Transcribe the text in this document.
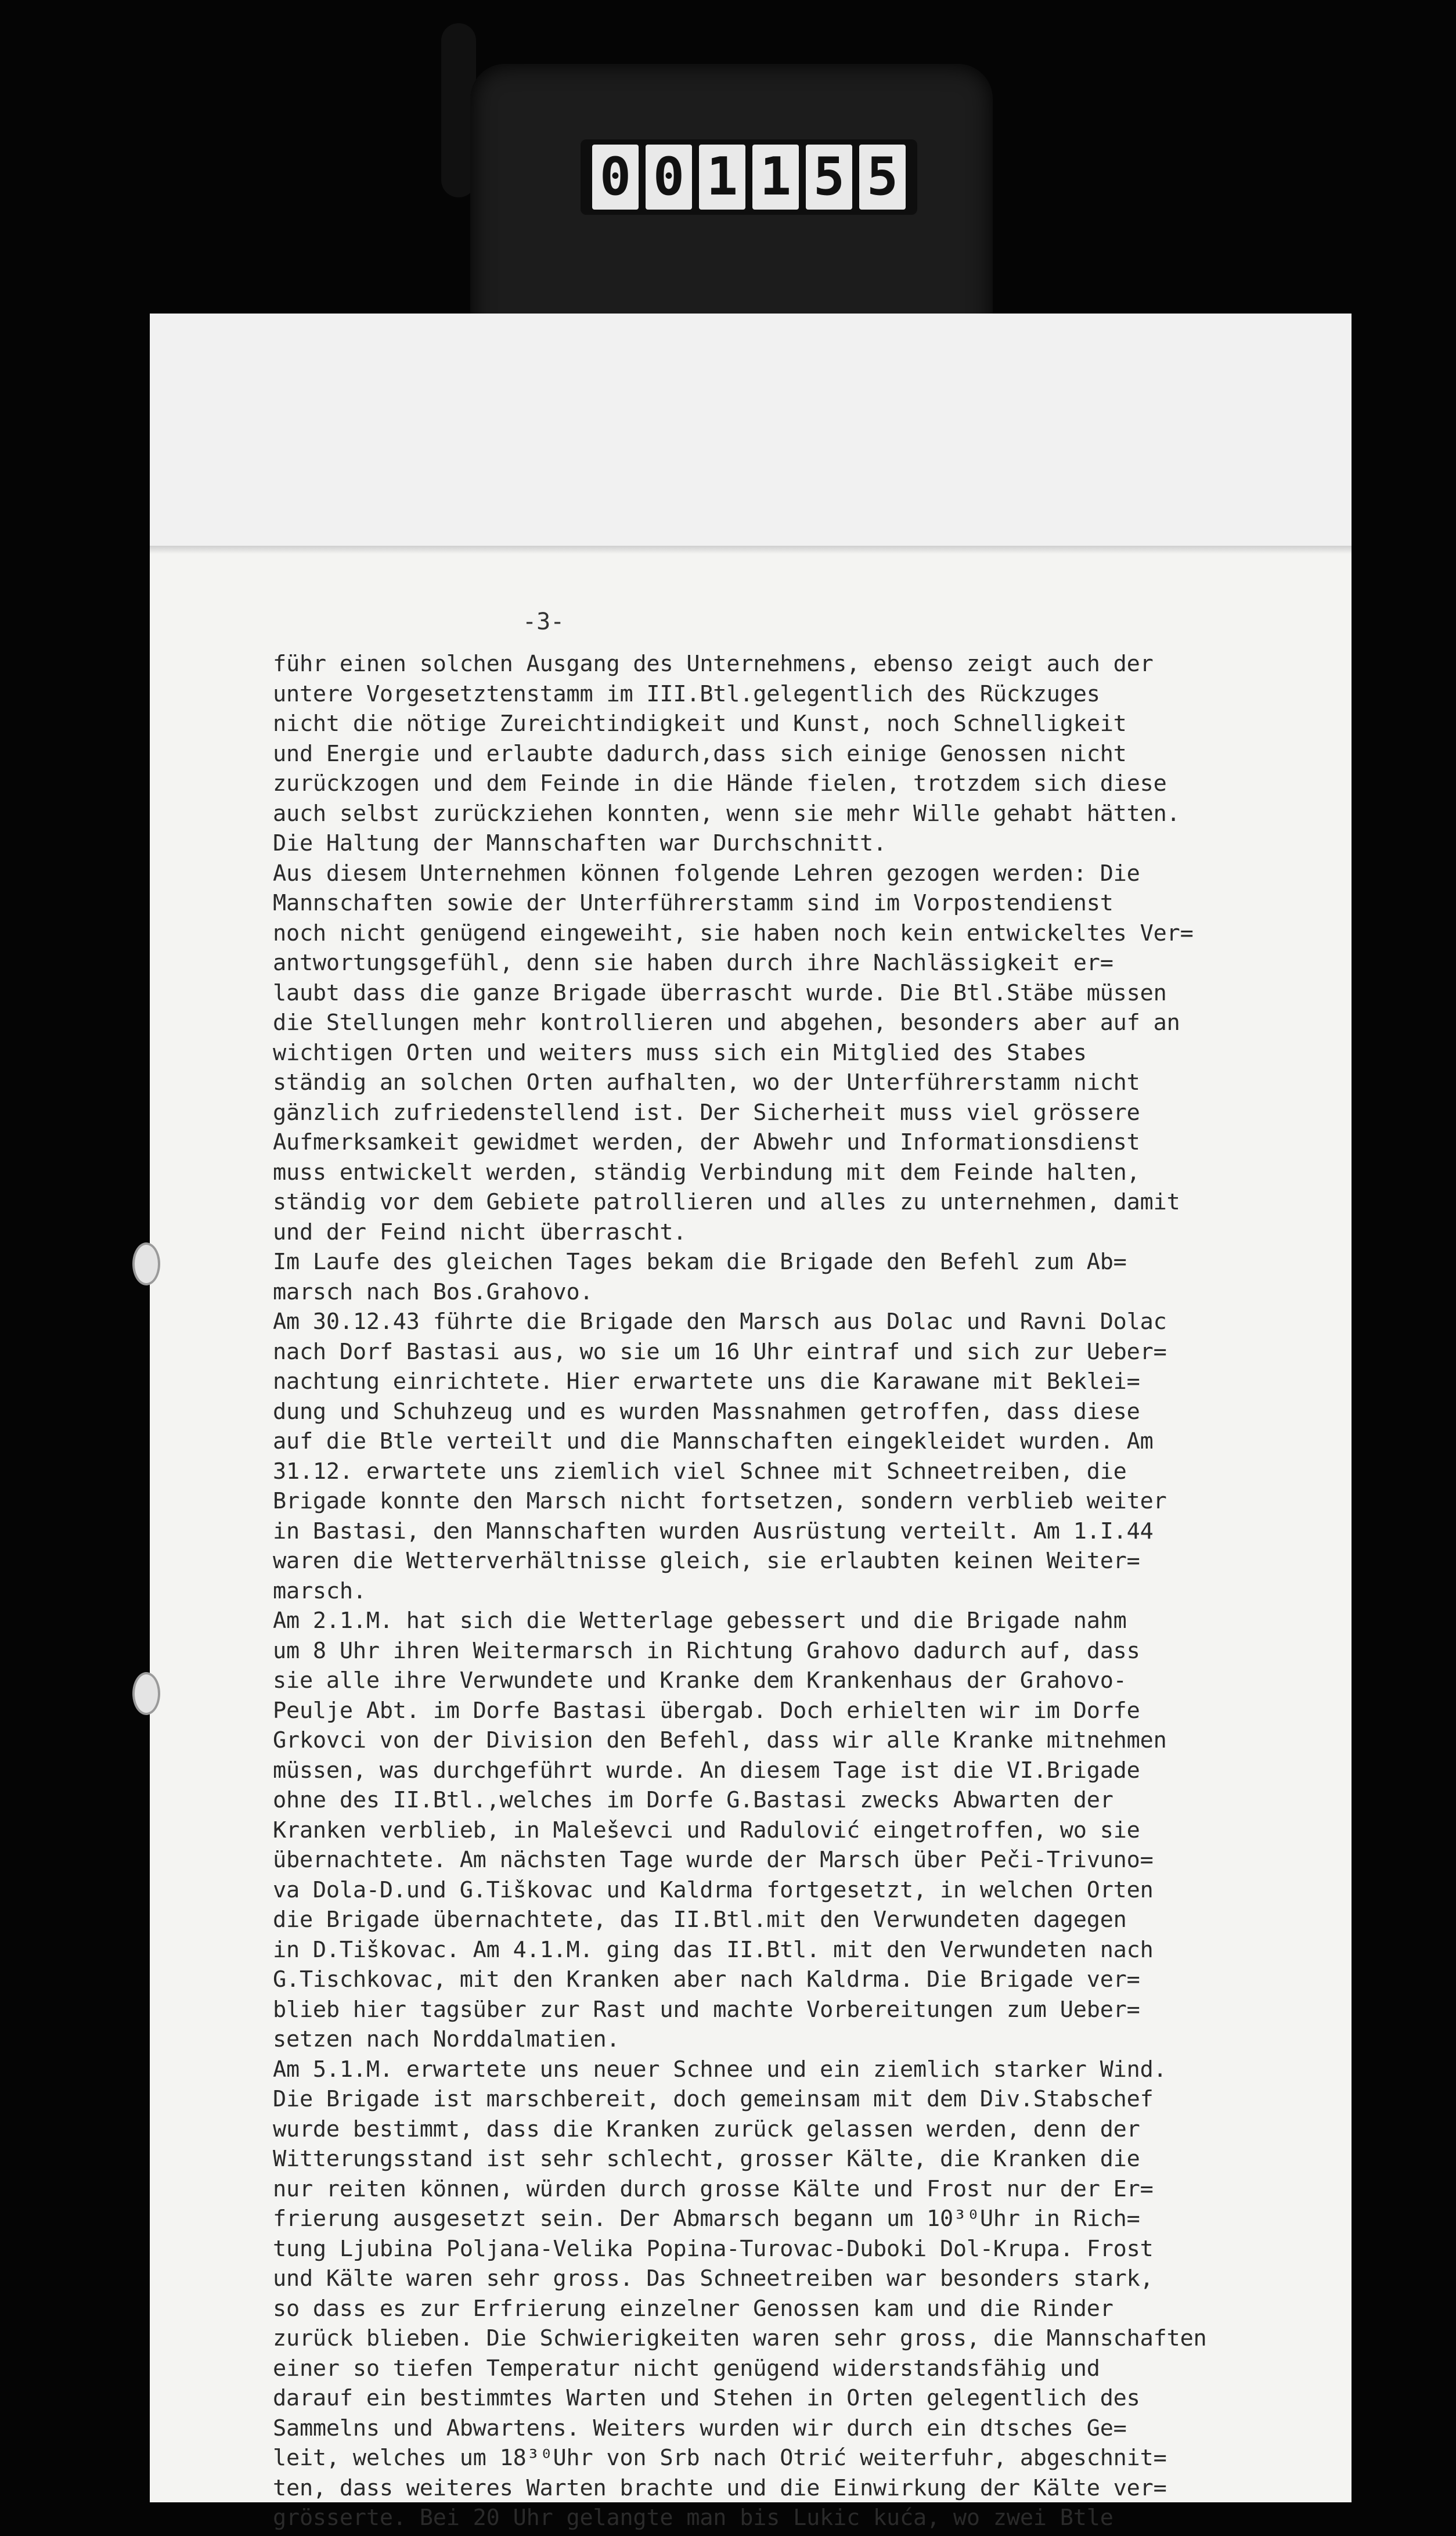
0 0 1 1 5 5
-3-
führ einen solchen Ausgang des Unternehmens, ebenso zeigt auch der
untere Vorgesetztenstamm im III.Btl.gelegentlich des Rückzuges
nicht die nötige Zureichtindigkeit und Kunst, noch Schnelligkeit
und Energie und erlaubte dadurch,dass sich einige Genossen nicht
zurückzogen und dem Feinde in die Hände fielen, trotzdem sich diese
auch selbst zurückziehen konnten, wenn sie mehr Wille gehabt hätten.
Die Haltung der Mannschaften war Durchschnitt.
Aus diesem Unternehmen können folgende Lehren gezogen werden: Die
Mannschaften sowie der Unterführerstamm sind im Vorpostendienst
noch nicht genügend eingeweiht, sie haben noch kein entwickeltes Ver=
antwortungsgefühl, denn sie haben durch ihre Nachlässigkeit er=
laubt dass die ganze Brigade überrascht wurde. Die Btl.Stäbe müssen
die Stellungen mehr kontrollieren und abgehen, besonders aber auf an
wichtigen Orten und weiters muss sich ein Mitglied des Stabes
ständig an solchen Orten aufhalten, wo der Unterführerstamm nicht
gänzlich zufriedenstellend ist. Der Sicherheit muss viel grössere
Aufmerksamkeit gewidmet werden, der Abwehr und Informationsdienst
muss entwickelt werden, ständig Verbindung mit dem Feinde halten,
ständig vor dem Gebiete patrollieren und alles zu unternehmen, damit
und der Feind nicht überrascht.
Im Laufe des gleichen Tages bekam die Brigade den Befehl zum Ab=
marsch nach Bos.Grahovo.
Am 30.12.43 führte die Brigade den Marsch aus Dolac und Ravni Dolac
nach Dorf Bastasi aus, wo sie um 16 Uhr eintraf und sich zur Ueber=
nachtung einrichtete. Hier erwartete uns die Karawane mit Beklei=
dung und Schuhzeug und es wurden Massnahmen getroffen, dass diese
auf die Btle verteilt und die Mannschaften eingekleidet wurden. Am
31.12. erwartete uns ziemlich viel Schnee mit Schneetreiben, die
Brigade konnte den Marsch nicht fortsetzen, sondern verblieb weiter
in Bastasi, den Mannschaften wurden Ausrüstung verteilt. Am 1.I.44
waren die Wetterverhältnisse gleich, sie erlaubten keinen Weiter=
marsch.
Am 2.1.M. hat sich die Wetterlage gebessert und die Brigade nahm
um 8 Uhr ihren Weitermarsch in Richtung Grahovo dadurch auf, dass
sie alle ihre Verwundete und Kranke dem Krankenhaus der Grahovo-
Peulje Abt. im Dorfe Bastasi übergab. Doch erhielten wir im Dorfe
Grkovci von der Division den Befehl, dass wir alle Kranke mitnehmen
müssen, was durchgeführt wurde. An diesem Tage ist die VI.Brigade
ohne des II.Btl.,welches im Dorfe G.Bastasi zwecks Abwarten der
Kranken verblieb, in Maleševci und Radulović eingetroffen, wo sie
übernachtete. Am nächsten Tage wurde der Marsch über Peči-Trivuno=
va Dola-D.und G.Tiškovac und Kaldrma fortgesetzt, in welchen Orten
die Brigade übernachtete, das II.Btl.mit den Verwundeten dagegen
in D.Tiškovac. Am 4.1.M. ging das II.Btl. mit den Verwundeten nach
G.Tischkovac, mit den Kranken aber nach Kaldrma. Die Brigade ver=
blieb hier tagsüber zur Rast und machte Vorbereitungen zum Ueber=
setzen nach Norddalmatien.
Am 5.1.M. erwartete uns neuer Schnee und ein ziemlich starker Wind.
Die Brigade ist marschbereit, doch gemeinsam mit dem Div.Stabschef
wurde bestimmt, dass die Kranken zurück gelassen werden, denn der
Witterungsstand ist sehr schlecht, grosser Kälte, die Kranken die
nur reiten können, würden durch grosse Kälte und Frost nur der Er=
frierung ausgesetzt sein. Der Abmarsch begann um 10³⁰Uhr in Rich=
tung Ljubina Poljana-Velika Popina-Turovac-Duboki Dol-Krupa. Frost
und Kälte waren sehr gross. Das Schneetreiben war besonders stark,
so dass es zur Erfrierung einzelner Genossen kam und die Rinder
zurück blieben. Die Schwierigkeiten waren sehr gross, die Mannschaften
einer so tiefen Temperatur nicht genügend widerstandsfähig und
darauf ein bestimmtes Warten und Stehen in Orten gelegentlich des
Sammelns und Abwartens. Weiters wurden wir durch ein dtsches Ge=
leit, welches um 18³⁰Uhr von Srb nach Otrić weiterfuhr, abgeschnit=
ten, dass weiteres Warten brachte und die Einwirkung der Kälte ver=
grösserte. Bei 20 Uhr gelangte man bis Lukic kuća, wo zwei Btle
